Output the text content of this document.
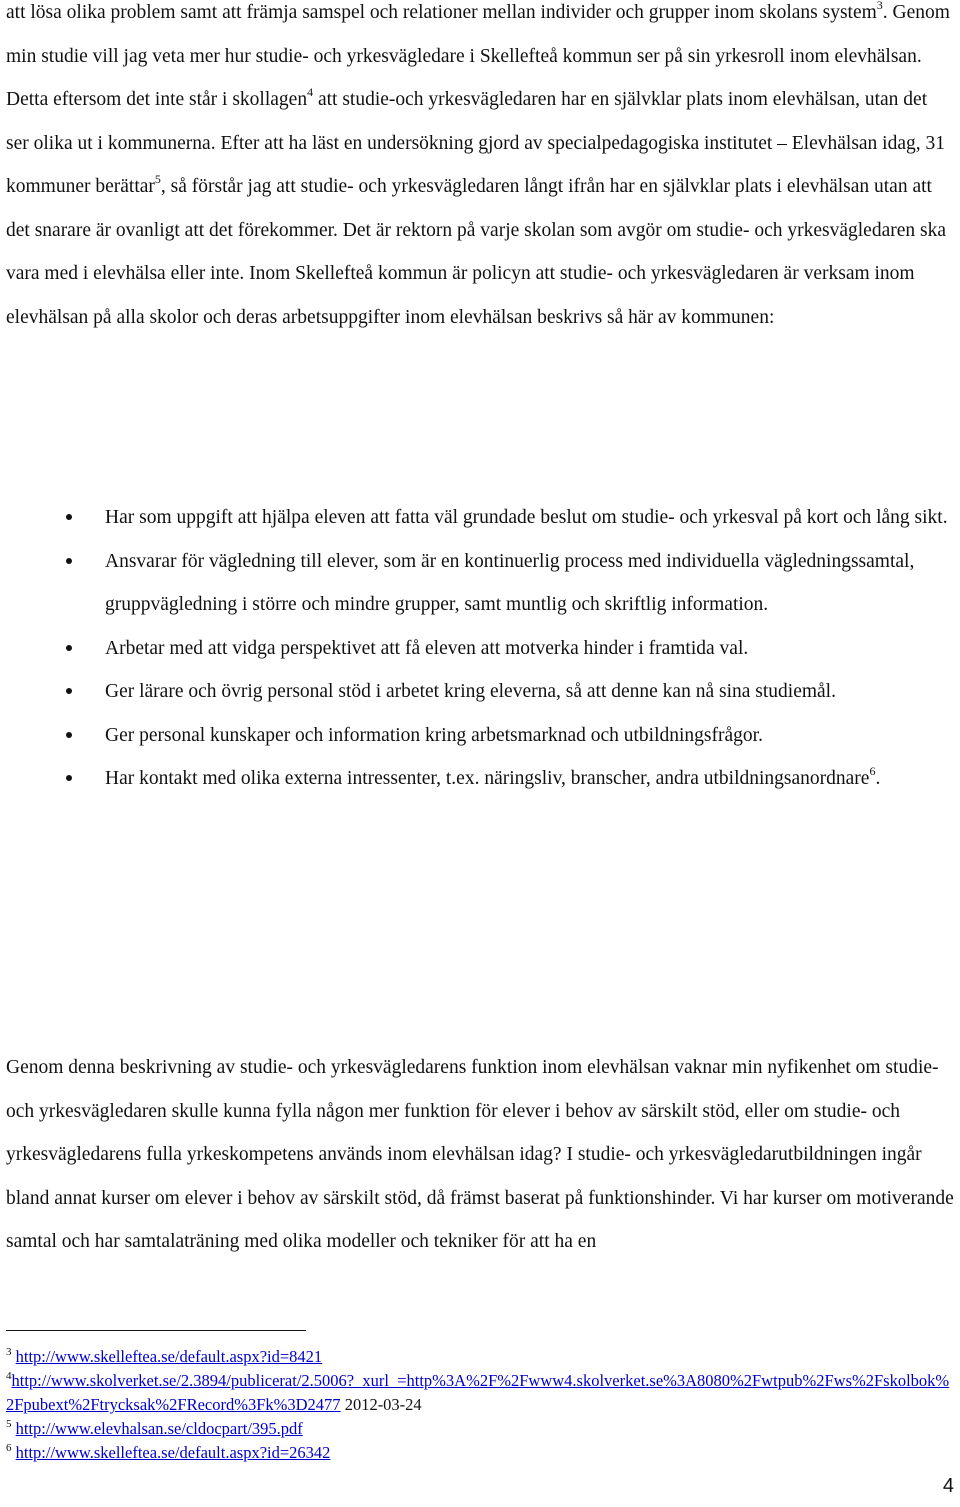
att lösa olika problem samt att främja samspel och relationer mellan individer och grupper inom skolans system$^3$. Genom min studie vill jag veta mer hur studie- och yrkesvägledare i Skellefteå kommun ser på sin yrkesroll inom elevhälsan. Detta eftersom det inte står i skollagen$^4$ att studie-och yrkesvägledaren har en självklar plats inom elevhälsan, utan det ser olika ut i kommunerna. Efter att ha läst en undersökning gjord av specialpedagogiska institutet – Elevhälsan idag, 31 kommuner berättar$^5$, så förstår jag att studie- och yrkesvägledaren långt ifrån har en självklar plats i elevhälsan utan att det snarare är ovanligt att det förekommer. Det är rektorn på varje skolan som avgör om studie- och yrkesvägledaren ska vara med i elevhälsa eller inte. Inom Skellefteå kommun är policyn att studie- och yrkesvägledaren är verksam inom elevhälsan på alla skolor och deras arbetsuppgifter inom elevhälsan beskrivs så här av kommunen:

Har som uppgift att hjälpa eleven att fatta väl grundade beslut om studie- och yrkesval på kort och lång sikt.
Ansvarar för vägledning till elever, som är en kontinuerlig process med individuella vägledningssamtal, gruppvägledning i större och mindre grupper, samt muntlig och skriftlig information.
Arbetar med att vidga perspektivet att få eleven att motverka hinder i framtida val.
Ger lärare och övrig personal stöd i arbetet kring eleverna, så att denne kan nå sina studiemål.
Ger personal kunskaper och information kring arbetsmarknad och utbildningsfrågor.
Har kontakt med olika externa intressenter, t.ex. näringsliv, branscher, andra utbildningsanordnare$^6$.

Genom denna beskrivning av studie- och yrkesvägledarens funktion inom elevhälsan vaknar min nyfikenhet om studie- och yrkesvägledaren skulle kunna fylla någon mer funktion för elever i behov av särskilt stöd, eller om studie- och yrkesvägledarens fulla yrkeskompetens används inom elevhälsan idag? I studie- och yrkesvägledarutbildningen ingår bland annat kurser om elever i behov av särskilt stöd, då främst baserat på funktionshinder. Vi har kurser om motiverande samtal och har samtalaträning med olika modeller och tekniker för att ha en

$^3$ http://www.skelleftea.se/default.aspx?id=8421

$^4$http://www.skolverket.se/2.3894/publicerat/2.5006?_xurl_=http%3A%2F%2Fwww4.skolverket.se%3A8080%2Fwtpub%2Fws%2Fskolbok%2Fpubext%2Ftrycksak%2FRecord%3Fk%3D2477 2012-03-24

$^5$ http://www.elevhalsan.se/cldocpart/395.pdf

$^6$ http://www.skelleftea.se/default.aspx?id=26342

4
